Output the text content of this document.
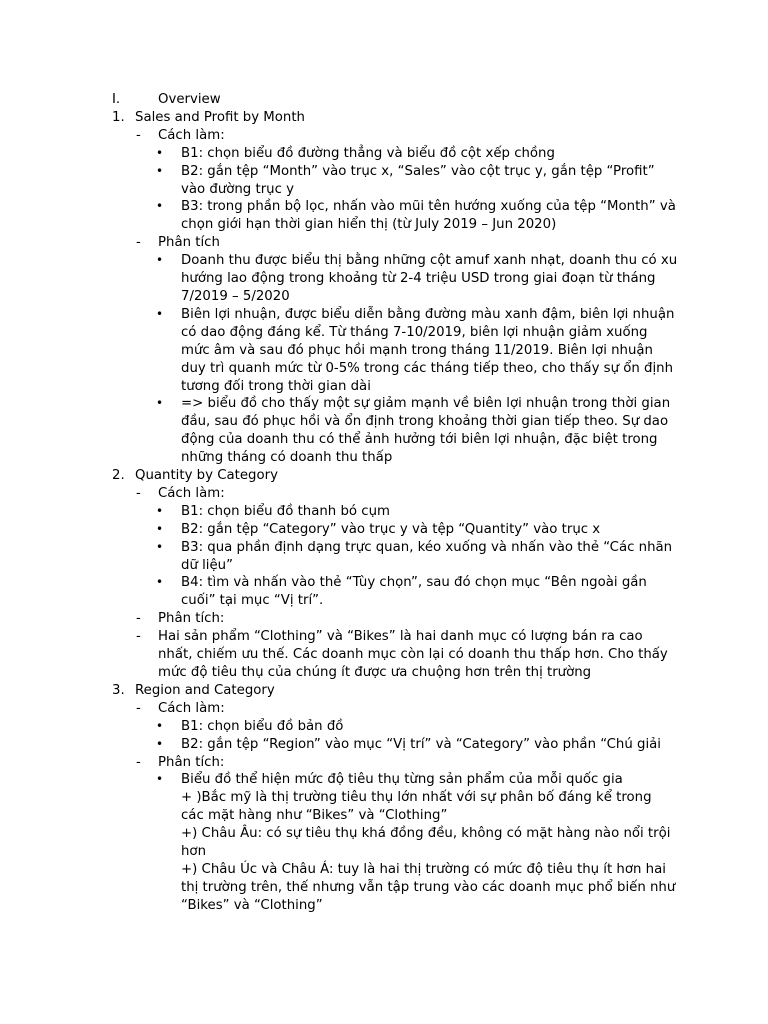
I.	Overview
1. Sales and Profit by Month
- Cách làm:
• B1: chọn biểu đồ đường thẳng và biểu đồ cột xếp chồng
• B2: gắn tệp “Month” vào trục x, “Sales” vào cột trục y, gắn tệp “Profit” vào đường trục y
• B3: trong phần bộ lọc, nhấn vào mũi tên hướng xuống của tệp “Month” và chọn giới hạn thời gian hiển thị (từ July 2019 – Jun 2020)
- Phân tích
• Doanh thu được biểu thị bằng những cột amuf xanh nhạt, doanh thu có xu hướng lao động trong khoảng từ 2-4 triệu USD trong giai đoạn từ tháng 7/2019 – 5/2020
• Biên lợi nhuận, được biểu diễn bằng đường màu xanh đậm, biên lợi nhuận có dao động đáng kể. Từ tháng 7-10/2019, biên lợi nhuận giảm xuống mức âm và sau đó phục hồi mạnh trong tháng 11/2019. Biên lợi nhuận duy trì quanh mức từ 0-5% trong các tháng tiếp theo, cho thấy sự ổn định tương đối trong thời gian dài
• => biểu đồ cho thấy một sự giảm mạnh về biên lợi nhuận trong thời gian đầu, sau đó phục hồi và ổn định trong khoảng thời gian tiếp theo. Sự dao động của doanh thu có thể ảnh hưởng tới biên lợi nhuận, đặc biệt trong những tháng có doanh thu thấp
2. Quantity by Category
- Cách làm:
• B1: chọn biểu đồ thanh bó cụm
• B2: gắn tệp “Category” vào trục y và tệp “Quantity” vào trục x
• B3: qua phần định dạng trực quan, kéo xuống và nhấn vào thẻ “Các nhãn dữ liệu”
• B4: tìm và nhấn vào thẻ “Tùy chọn”, sau đó chọn mục “Bên ngoài gần cuối” tại mục “Vị trí”.
- Phân tích:
- Hai sản phẩm “Clothing” và “Bikes” là hai danh mục có lượng bán ra cao nhất, chiếm ưu thế. Các doanh mục còn lại có doanh thu thấp hơn. Cho thấy mức độ tiêu thụ của chúng ít được ưa chuộng hơn trên thị trường
3. Region and Category
- Cách làm:
• B1: chọn biểu đồ bản đồ
• B2: gắn tệp “Region” vào mục “Vị trí” và “Category” vào phần “Chú giải
- Phân tích:
• Biểu đồ thể hiện mức độ tiêu thụ từng sản phẩm của mỗi quốc gia
+ )Bắc mỹ là thị trường tiêu thụ lớn nhất với sự phân bố đáng kể trong các mặt hàng như “Bikes” và “Clothing”
+) Châu Âu: có sự tiêu thụ khá đồng đều, không có mặt hàng nào nổi trội hơn
+) Châu Úc và Châu Á: tuy là hai thị trường có mức độ tiêu thụ ít hơn hai thị trường trên, thế nhưng vẫn tập trung vào các doanh mục phổ biến như “Bikes” và “Clothing”
